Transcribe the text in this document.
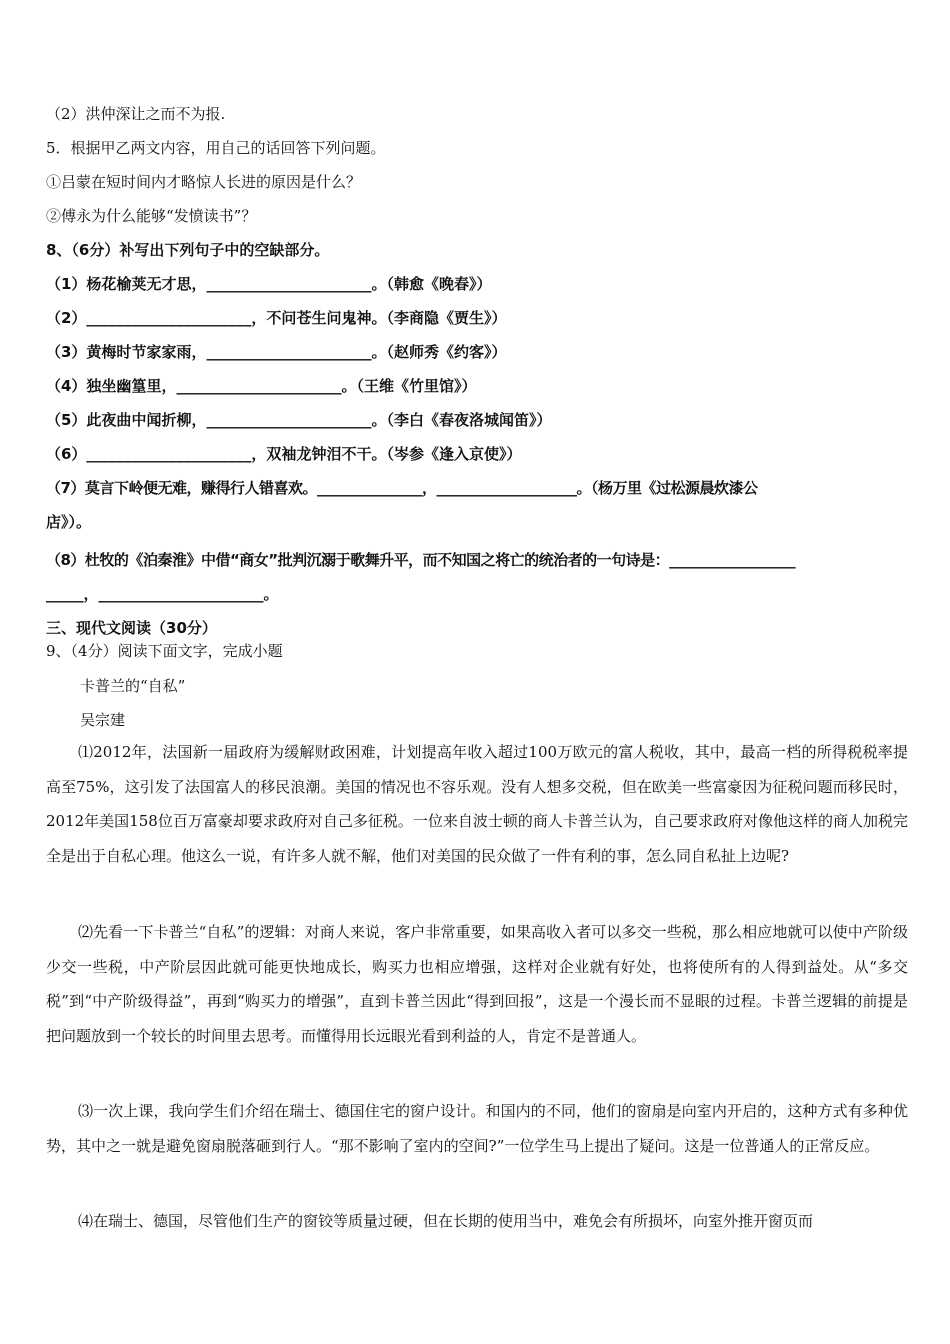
（2）洪仲深让之而不为报.
5．根据甲乙两文内容，用自己的话回答下列问题。
①吕蒙在短时间内才略惊人长进的原因是什么？
②傅永为什么能够“发愤读书”？
8、（6分）补写出下列句子中的空缺部分。
（1）杨花榆荚无才思，______________________。（韩愈《晚春》）
（2）______________________，不问苍生问鬼神。（李商隐《贾生》）
（3）黄梅时节家家雨，______________________。（赵师秀《约客》）
（4）独坐幽篁里，______________________。（王维《竹里馆》）
（5）此夜曲中闻折柳，______________________。（李白《春夜洛城闻笛》）
（6）______________________，双袖龙钟泪不干。（岑参《逢入京使》）
（7）莫言下岭便无难，赚得行人错喜欢。_______________，____________________。（杨万里《过松源晨炊漆公
店》）。
（8）杜牧的《泊秦淮》中借“商女”批判沉溺于歌舞升平，而不知国之将亡的统治者的一句诗是：__________________
_____，______________________。
三、现代文阅读（30分）
9、（4分）阅读下面文字，完成小题
卡普兰的“自私”
吴宗建
⑴2012年，法国新一届政府为缓解财政困难，计划提高年收入超过100万欧元的富人税收，其中，最高一档的所得税税率提高至75%，这引发了法国富人的移民浪潮。美国的情况也不容乐观。没有人想多交税，但在欧美一些富豪因为征税问题而移民时，2012年美国158位百万富豪却要求政府对自己多征税。一位来自波士顿的商人卡普兰认为，自己要求政府对像他这样的商人加税完全是出于自私心理。他这么一说，有许多人就不解，他们对美国的民众做了一件有利的事，怎么同自私扯上边呢?
⑵先看一下卡普兰“自私”的逻辑：对商人来说，客户非常重要，如果高收入者可以多交一些税，那么相应地就可以使中产阶级少交一些税，中产阶层因此就可能更快地成长，购买力也相应增强，这样对企业就有好处，也将使所有的人得到益处。从“多交税”到“中产阶级得益”，再到“购买力的增强”，直到卡普兰因此“得到回报”，这是一个漫长而不显眼的过程。卡普兰逻辑的前提是把问题放到一个较长的时间里去思考。而懂得用长远眼光看到利益的人，肯定不是普通人。
⑶一次上课，我向学生们介绍在瑞士、德国住宅的窗户设计。和国内的不同，他们的窗扇是向室内开启的，这种方式有多种优势，其中之一就是避免窗扇脱落砸到行人。“那不影响了室内的空间?”一位学生马上提出了疑问。这是一位普通人的正常反应。
⑷在瑞士、德国，尽管他们生产的窗铰等质量过硬，但在长期的使用当中，难免会有所损坏，向室外推开窗页而
